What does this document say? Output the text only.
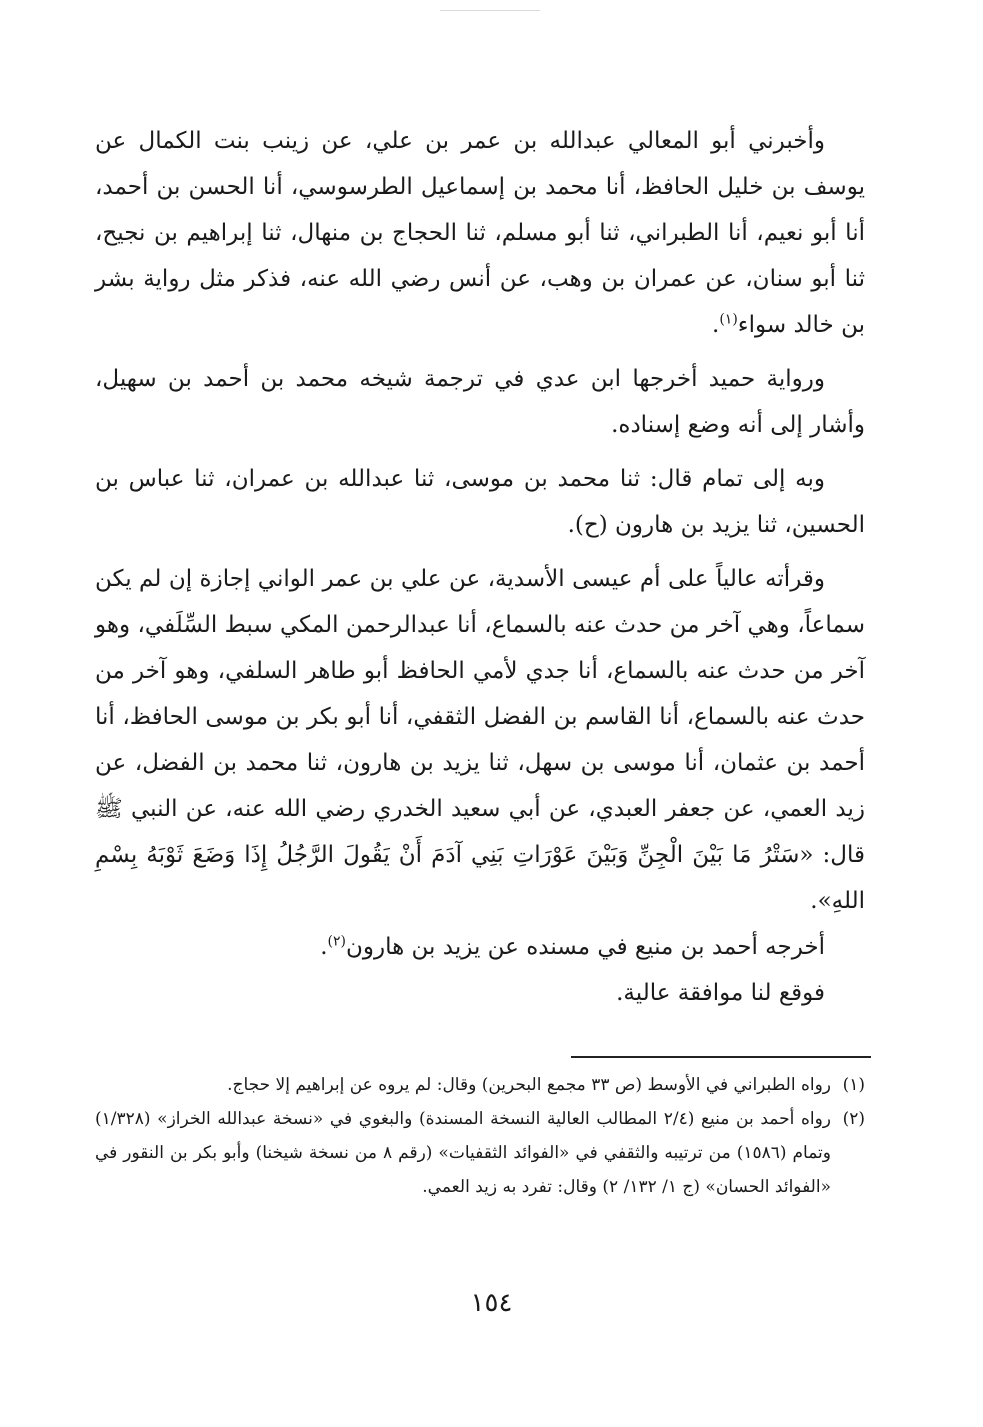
وأخبرني أبو المعالي عبدالله بن عمر بن علي، عن زينب بنت الكمال عن يوسف بن خليل الحافظ، أنا محمد بن إسماعيل الطرسوسي، أنا الحسن بن أحمد، أنا أبو نعيم، أنا الطبراني، ثنا أبو مسلم، ثنا الحجاج بن منهال، ثنا إبراهيم بن نجيح، ثنا أبو سنان، عن عمران بن وهب، عن أنس رضي الله عنه، فذكر مثل رواية بشر بن خالد سواء$^{(١)}$.

ورواية حميد أخرجها ابن عدي في ترجمة شيخه محمد بن أحمد بن سهيل، وأشار إلى أنه وضع إسناده.

وبه إلى تمام قال: ثنا محمد بن موسى، ثنا عبدالله بن عمران، ثنا عباس بن الحسين، ثنا يزيد بن هارون (ح).

وقرأته عالياً على أم عيسى الأسدية، عن علي بن عمر الواني إجازة إن لم يكن سماعاً، وهي آخر من حدث عنه بالسماع، أنا عبدالرحمن المكي سبط السِّلَفي، وهو آخر من حدث عنه بالسماع، أنا جدي لأمي الحافظ أبو طاهر السلفي، وهو آخر من حدث عنه بالسماع، أنا القاسم بن الفضل الثقفي، أنا أبو بكر بن موسى الحافظ، أنا أحمد بن عثمان، أنا موسى بن سهل، ثنا يزيد بن هارون، ثنا محمد بن الفضل، عن زيد العمي، عن جعفر العبدي، عن أبي سعيد الخدري رضي الله عنه، عن النبي ﷺ قال: «سَتْرُ مَا بَيْنَ الْجِنِّ وَبَيْنَ عَوْرَاتِ بَنِي آدَمَ أَنْ يَقُولَ الرَّجُلُ إِذَا وَضَعَ ثَوْبَهُ بِسْمِ اللهِ».

أخرجه أحمد بن منيع في مسنده عن يزيد بن هارون$^{(٢)}$.

فوقع لنا موافقة عالية.

(١)
رواه الطبراني في الأوسط (ص ٣٣ مجمع البحرين) وقال: لم يروه عن إبراهيم إلا حجاج.
(٢)
رواه أحمد بن منيع (٢/٤ المطالب العالية النسخة المسندة) والبغوي في «نسخة عبدالله الخراز» (١/٣٢٨) وتمام (١٥٨٦) من ترتيبه والثقفي في «الفوائد الثقفيات» (رقم ٨ من نسخة شيخنا) وأبو بكر بن النقور في «الفوائد الحسان» (ج ١/ ١٣٢/ ٢) وقال: تفرد به زيد العمي.
١٥٤
